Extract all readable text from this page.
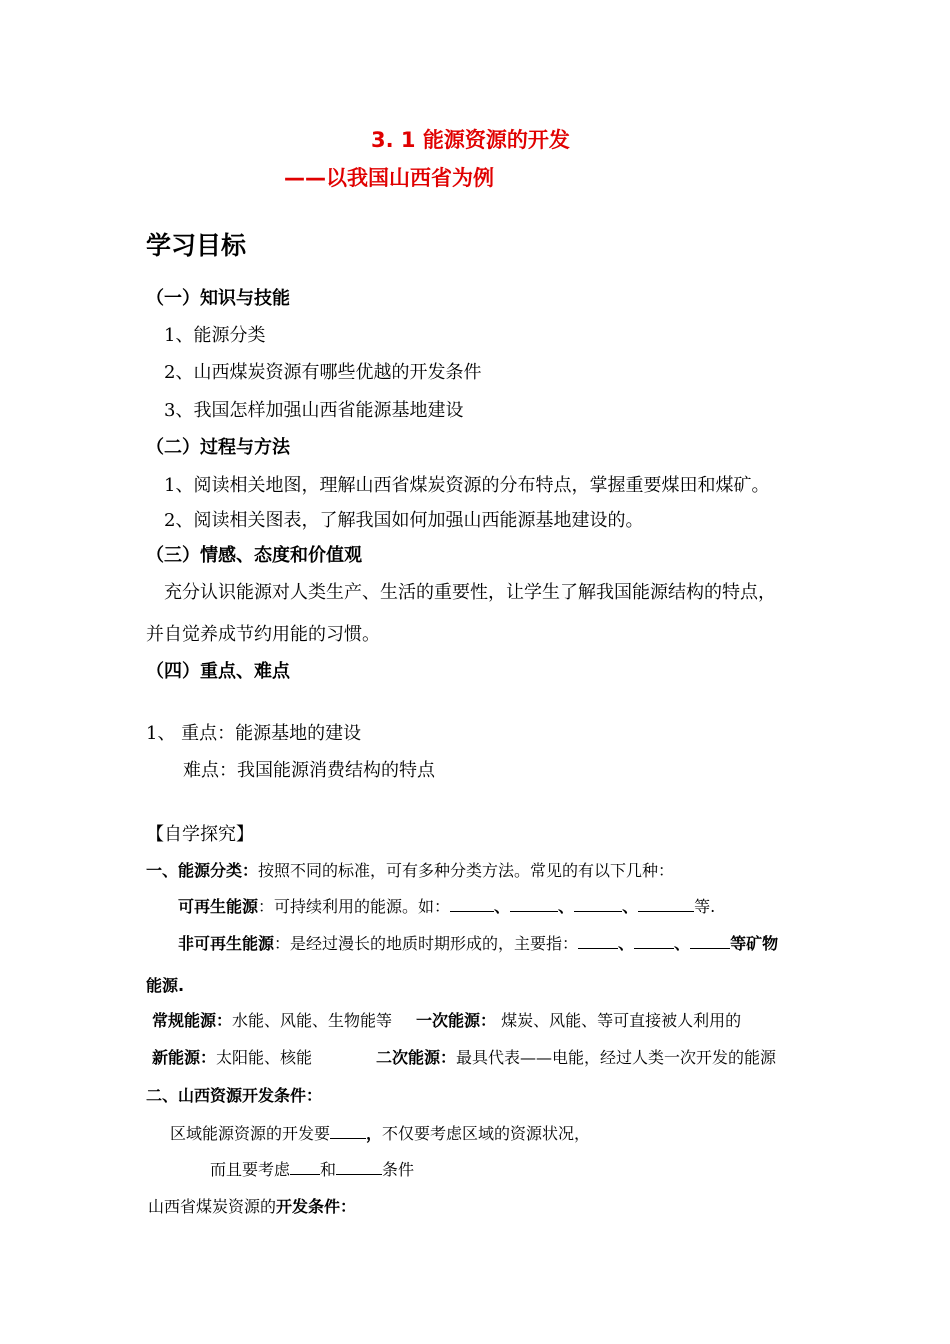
3. 1 能源资源的开发
——以我国山西省为例
学习目标
（一）知识与技能
1、能源分类
2、山西煤炭资源有哪些优越的开发条件
3、我国怎样加强山西省能源基地建设
（二）过程与方法
1、阅读相关地图，理解山西省煤炭资源的分布特点，掌握重要煤田和煤矿。
2、阅读相关图表，了解我国如何加强山西能源基地建设的。
（三）情感、态度和价值观
充分认识能源对人类生产、生活的重要性，让学生了解我国能源结构的特点，
并自觉养成节约用能的习惯。
（四）重点、难点
1、 重点：能源基地的建设
难点：我国能源消费结构的特点
【自学探究】
一、能源分类：按照不同的标准，可有多种分类方法。常见的有以下几种：
可再生能源：可持续利用的能源。如：	、	、	、	等.
非可再生能源：是经过漫长的地质时期形成的，主要指：	、	、	等矿物
能源.
常规能源：水能、风能、生物能等 一次能源： 煤炭、风能、等可直接被人利用的
新能源：太阳能、核能	二次能源：最具代表——电能，经过人类一次开发的能源
二、山西资源开发条件：
区域能源资源的开发要 ，不仅要考虑区域的资源状况，
而且要考虑 和	条件
山西省煤炭资源的开发条件：
